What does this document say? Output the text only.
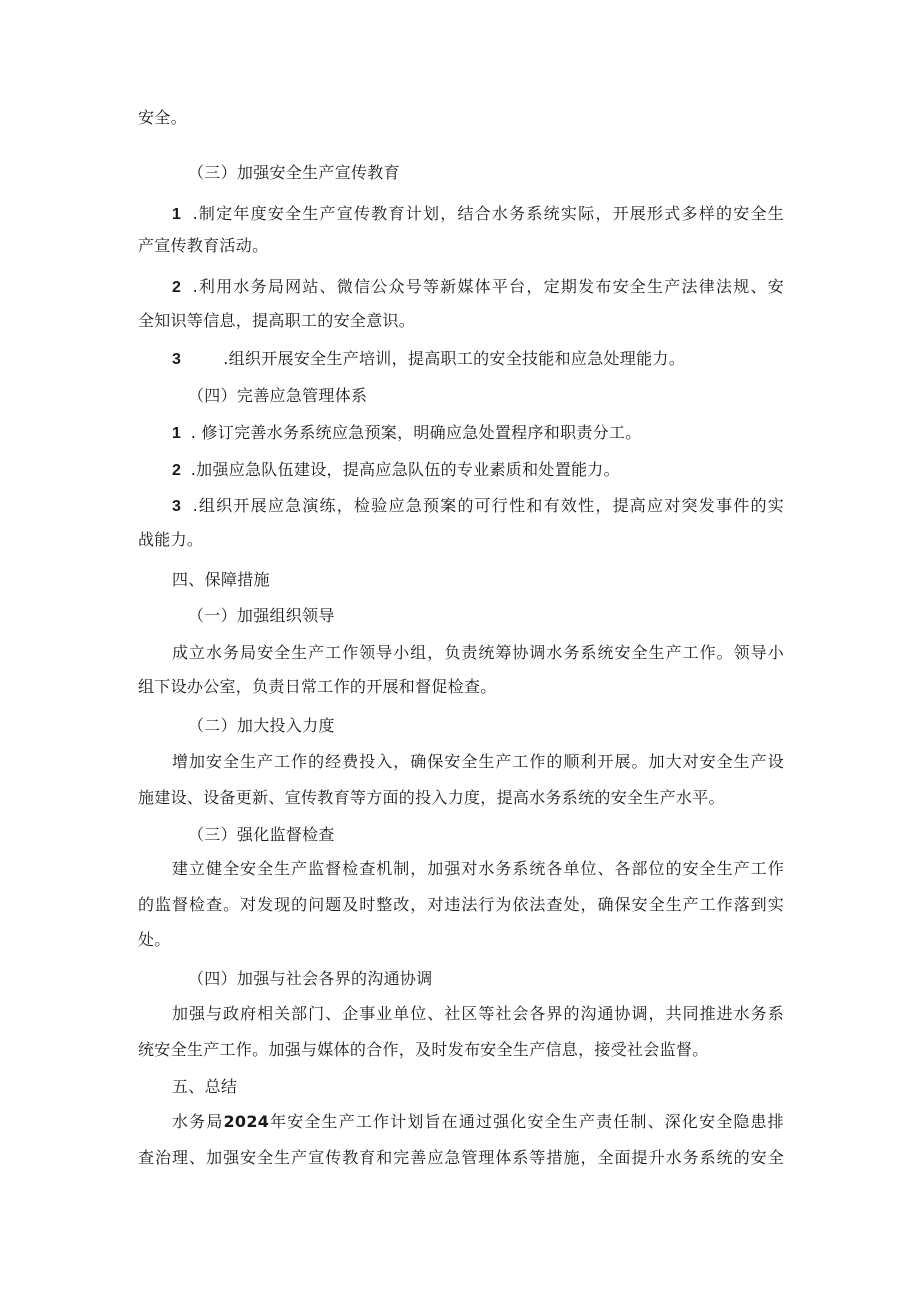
安全。
（三）加强安全生产宣传教育
1 .制定年度安全生产宣传教育计划，结合水务系统实际，开展形式多样的安全生
产宣传教育活动。
2 .利用水务局网站、微信公众号等新媒体平台，定期发布安全生产法律法规、安
全知识等信息，提高职工的安全意识。
3	.组织开展安全生产培训，提高职工的安全技能和应急处理能力。
（四）完善应急管理体系
1 . 修订完善水务系统应急预案，明确应急处置程序和职责分工。
2 .加强应急队伍建设，提高应急队伍的专业素质和处置能力。
3 .组织开展应急演练，检验应急预案的可行性和有效性，提高应对突发事件的实
战能力。
四、保障措施
（一）加强组织领导
成立水务局安全生产工作领导小组，负责统筹协调水务系统安全生产工作。领导小
组下设办公室，负责日常工作的开展和督促检查。
（二）加大投入力度
增加安全生产工作的经费投入，确保安全生产工作的顺利开展。加大对安全生产设
施建设、设备更新、宣传教育等方面的投入力度，提高水务系统的安全生产水平。
（三）强化监督检查
建立健全安全生产监督检查机制，加强对水务系统各单位、各部位的安全生产工作
的监督检查。对发现的问题及时整改，对违法行为依法查处，确保安全生产工作落到实
处。
（四）加强与社会各界的沟通协调
加强与政府相关部门、企事业单位、社区等社会各界的沟通协调，共同推进水务系
统安全生产工作。加强与媒体的合作，及时发布安全生产信息，接受社会监督。
五、总结
水务局2024年安全生产工作计划旨在通过强化安全生产责任制、深化安全隐患排
查治理、加强安全生产宣传教育和完善应急管理体系等措施，全面提升水务系统的安全
